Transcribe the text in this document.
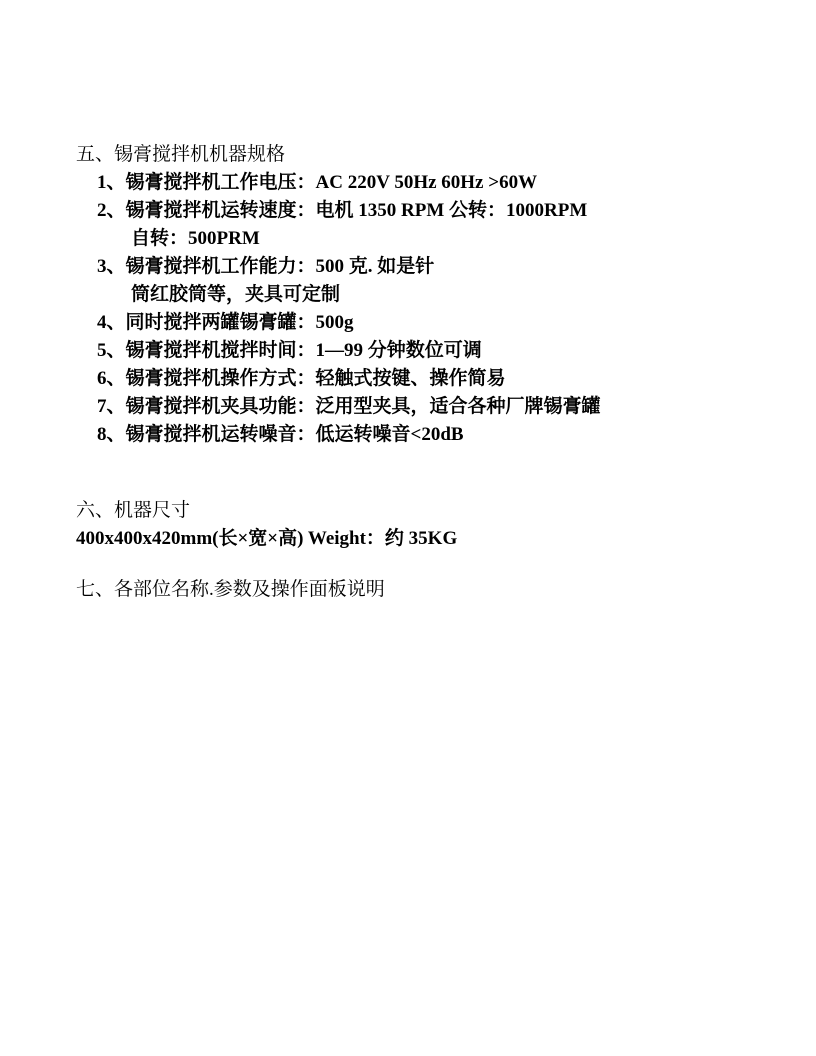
五、锡膏搅拌机机器规格
1、锡膏搅拌机工作电压：AC 220V 50Hz 60Hz >60W
2、锡膏搅拌机运转速度：电机 1350 RPM 公转：1000RPM
自转：500PRM
3、锡膏搅拌机工作能力：500 克. 如是针
筒红胶筒等，夹具可定制
4、同时搅拌两罐锡膏罐：500g
5、锡膏搅拌机搅拌时间：1—99 分钟数位可调
6、锡膏搅拌机操作方式：轻触式按键、操作简易
7、锡膏搅拌机夹具功能：泛用型夹具，适合各种厂牌锡膏罐
8、锡膏搅拌机运转噪音：低运转噪音<20dB
六、机器尺寸
400x400x420mm(长×宽×高) Weight：约 35KG
七、各部位名称.参数及操作面板说明
